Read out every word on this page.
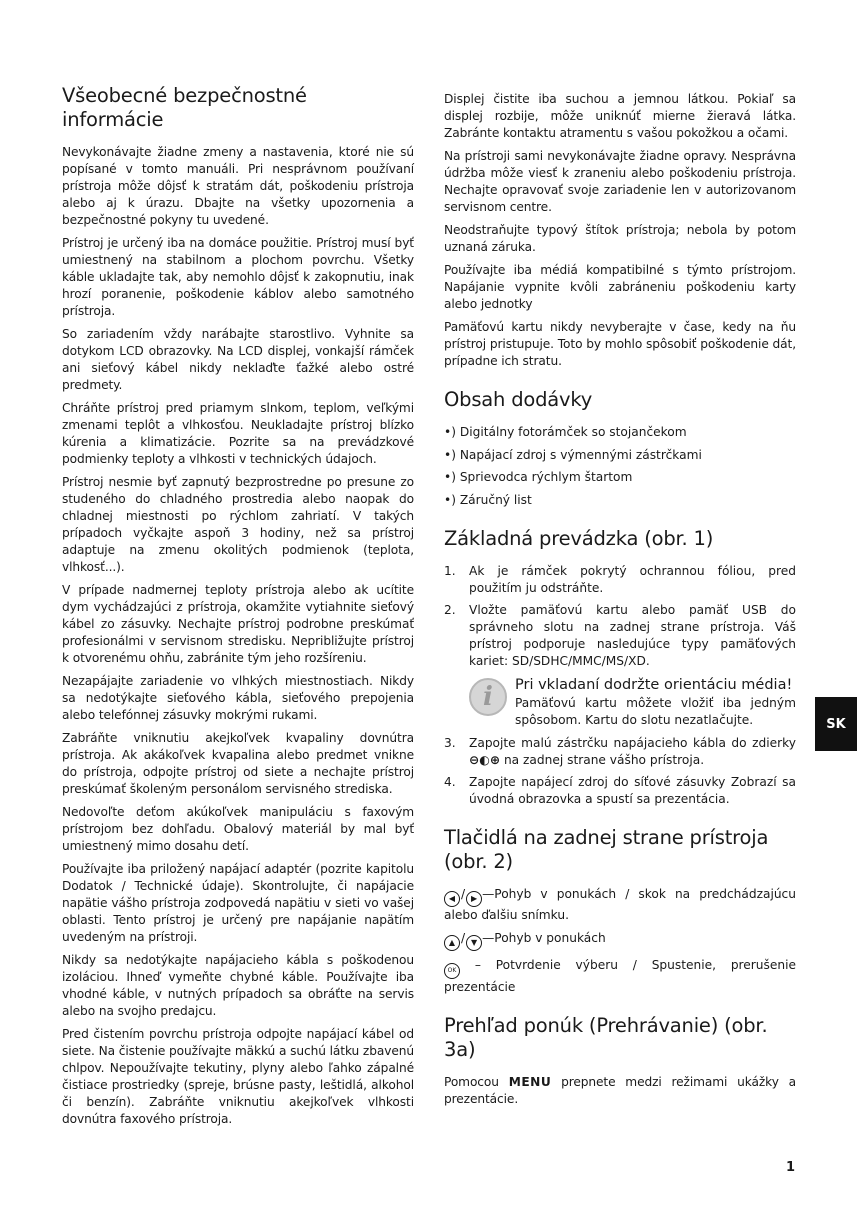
Všeobecné bezpečnostné informácie

Nevykonávajte žiadne zmeny a nastavenia, ktoré nie sú popísané v tomto manuáli. Pri nesprávnom používaní prístroja môže dôjsť k stratám dát, poškodeniu prístroja alebo aj k úrazu. Dbajte na všetky upozornenia a bezpečnostné pokyny tu uvedené.

Prístroj je určený iba na domáce použitie. Prístroj musí byť umiestnený na stabilnom a plochom povrchu. Všetky káble ukladajte tak, aby nemohlo dôjsť k zakopnutiu, inak hrozí poranenie, poškodenie káblov alebo samotného prístroja.

So zariadením vždy narábajte starostlivo. Vyhnite sa dotykom LCD obrazovky. Na LCD displej, vonkajší rámček ani sieťový kábel nikdy neklaďte ťažké alebo ostré predmety.

Chráňte prístroj pred priamym slnkom, teplom, veľkými zmenami teplôt a vlhkosťou. Neukladajte prístroj blízko kúrenia a klimatizácie. Pozrite sa na prevádzkové podmienky teploty a vlhkosti v technických údajoch.

Prístroj nesmie byť zapnutý bezprostredne po presune zo studeného do chladného prostredia alebo naopak do chladnej miestnosti po rýchlom zahriatí. V takých prípadoch vyčkajte aspoň 3 hodiny, než sa prístroj adaptuje na zmenu okolitých podmienok (teplota, vlhkosť...).

V prípade nadmernej teploty prístroja alebo ak ucítite dym vychádzajúci z prístroja, okamžite vytiahnite sieťový kábel zo zásuvky. Nechajte prístroj podrobne preskúmať profesionálmi v servisnom stredisku. Nepribližujte prístroj k otvorenému ohňu, zabránite tým jeho rozšíreniu.

Nezapájajte zariadenie vo vlhkých miestnostiach. Nikdy sa nedotýkajte sieťového kábla, sieťového prepojenia alebo telefónnej zásuvky mokrými rukami.

Zabráňte vniknutiu akejkoľvek kvapaliny dovnútra prístroja. Ak akákoľvek kvapalina alebo predmet vnikne do prístroja, odpojte prístroj od siete a nechajte prístroj preskúmať školeným personálom servisného strediska.

Nedovoľte deťom akúkoľvek manipuláciu s faxovým prístrojom bez dohľadu. Obalový materiál by mal byť umiestnený mimo dosahu detí.

Používajte iba priložený napájací adaptér (pozrite kapitolu Dodatok / Technické údaje). Skontrolujte, či napájacie napätie vášho prístroja zodpovedá napätiu v sieti vo vašej oblasti. Tento prístroj je určený pre napájanie napätím uvedeným na prístroji.

Nikdy sa nedotýkajte napájacieho kábla s poškodenou izoláciou. Ihneď vymeňte chybné káble. Používajte iba vhodné káble, v nutných prípadoch sa obráťte na servis alebo na svojho predajcu.

Pred čistením povrchu prístroja odpojte napájací kábel od siete. Na čistenie používajte mäkkú a suchú látku zbavenú chlpov. Nepoužívajte tekutiny, plyny alebo ľahko zápalné čistiace prostriedky (spreje, brúsne pasty, leštidlá, alkohol či benzín). Zabráňte vniknutiu akejkoľvek vlhkosti dovnútra faxového prístroja.

Displej čistite iba suchou a jemnou látkou. Pokiaľ sa displej rozbije, môže uniknúť mierne žieravá látka. Zabránte kontaktu atramentu s vašou pokožkou a očami.

Na prístroji sami nevykonávajte žiadne opravy. Nesprávna údržba môže viesť k zraneniu alebo poškodeniu prístroja. Nechajte opravovať svoje zariadenie len v autorizovanom servisnom centre.

Neodstraňujte typový štítok prístroja; nebola by potom uznaná záruka.

Používajte iba médiá kompatibilné s týmto prístrojom. Napájanie vypnite kvôli zabráneniu poškodeniu karty alebo jednotky

Pamäťovú kartu nikdy nevyberajte v čase, kedy na ňu prístroj pristupuje. Toto by mohlo spôsobiť poškodenie dát, prípadne ich stratu.

Obsah dodávky
•) Digitálny fotorámček so stojančekom
•) Napájací zdroj s výmennými zástrčkami
•) Sprievodca rýchlym štartom
•) Záručný list
Základná prevádzka (obr. 1)
1.	Ak je rámček pokrytý ochrannou fóliou, pred použitím ju odstráňte.
2.	Vložte pamäťovú kartu alebo pamäť USB do správneho slotu na zadnej strane prístroja. Váš prístroj podporuje nasledujúce typy pamäťových kariet: SD/SDHC/MMC/MS/XD.
i	Pri vkladaní dodržte orientáciu média!
Pamäťovú kartu môžete vložiť iba jedným spôsobom. Kartu do slotu nezatlačujte.
3.	Zapojte malú zástrčku napájacieho kábla do zdierky ⊖◐⊕ na zadnej strane vášho prístroja.
4.	Zapojte napájecí zdroj do síťové zásuvky Zobrazí sa úvodná obrazovka a spustí sa prezentácia.
Tlačidlá na zadnej strane prístroja (obr. 2)
◀ / ▶ —Pohyb v ponukách / skok na predchádzajúcu alebo ďalšiu snímku.
▲ / ▼ —Pohyb v ponukách
OK – Potvrdenie výberu / Spustenie, prerušenie prezentácie
Prehľad ponúk (Prehrávanie) (obr. 3a)

Pomocou MENU prepnete medzi režimami ukážky a prezentácie.

SK
1
